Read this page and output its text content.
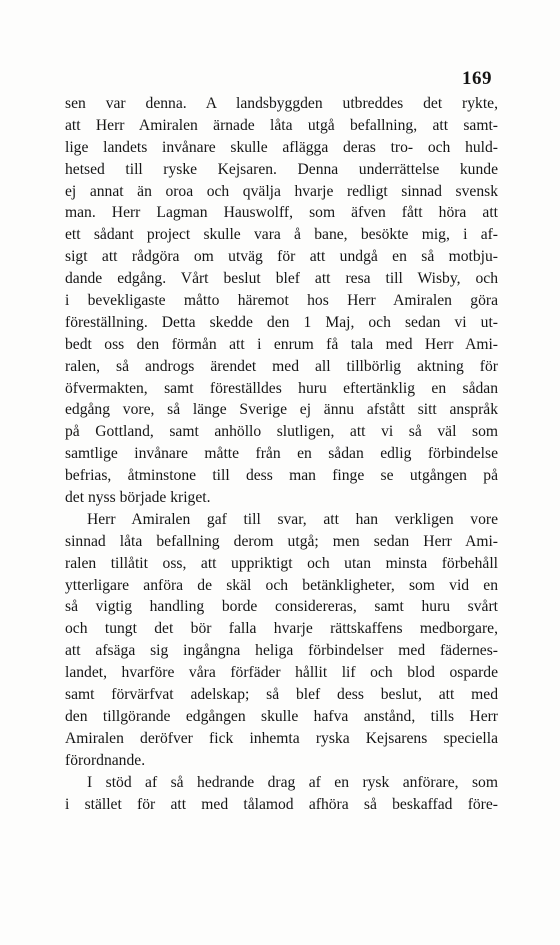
169
sen var denna. A landsbyggden utbreddes det rykte,
att Herr Amiralen ärnade låta utgå befallning, att samt-
lige landets invånare skulle aflägga deras tro- och huld-
hetsed till ryske Kejsaren. Denna underrättelse kunde
ej annat än oroa och qvälja hvarje redligt sinnad svensk
man. Herr Lagman Hauswolff, som äfven fått höra att
ett sådant project skulle vara å bane, besökte mig, i af-
sigt att rådgöra om utväg för att undgå en så motbju-
dande edgång. Vårt beslut blef att resa till Wisby, och
i bevekligaste måtto häremot hos Herr Amiralen göra
föreställning. Detta skedde den 1 Maj, och sedan vi ut-
bedt oss den förmån att i enrum få tala med Herr Ami-
ralen, så androgs ärendet med all tillbörlig aktning för
öfvermakten, samt föreställdes huru eftertänklig en sådan
edgång vore, så länge Sverige ej ännu afstått sitt anspråk
på Gottland, samt anhöllo slutligen, att vi så väl som
samtlige invånare måtte från en sådan edlig förbindelse
befrias, åtminstone till dess man finge se utgången på
det nyss började kriget.
Herr Amiralen gaf till svar, att han verkligen vore
sinnad låta befallning derom utgå; men sedan Herr Ami-
ralen tillåtit oss, att uppriktigt och utan minsta förbehåll
ytterligare anföra de skäl och betänkligheter, som vid en
så vigtig handling borde considereras, samt huru svårt
och tungt det bör falla hvarje rättskaffens medborgare,
att afsäga sig ingångna heliga förbindelser med fädernes-
landet, hvarföre våra förfäder hållit lif och blod osparde
samt förvärfvat adelskap; så blef dess beslut, att med
den tillgörande edgången skulle hafva anstånd, tills Herr
Amiralen deröfver fick inhemta ryska Kejsarens speciella
förordnande.
I stöd af så hedrande drag af en rysk anförare, som
i stället för att med tålamod afhöra så beskaffad före-
